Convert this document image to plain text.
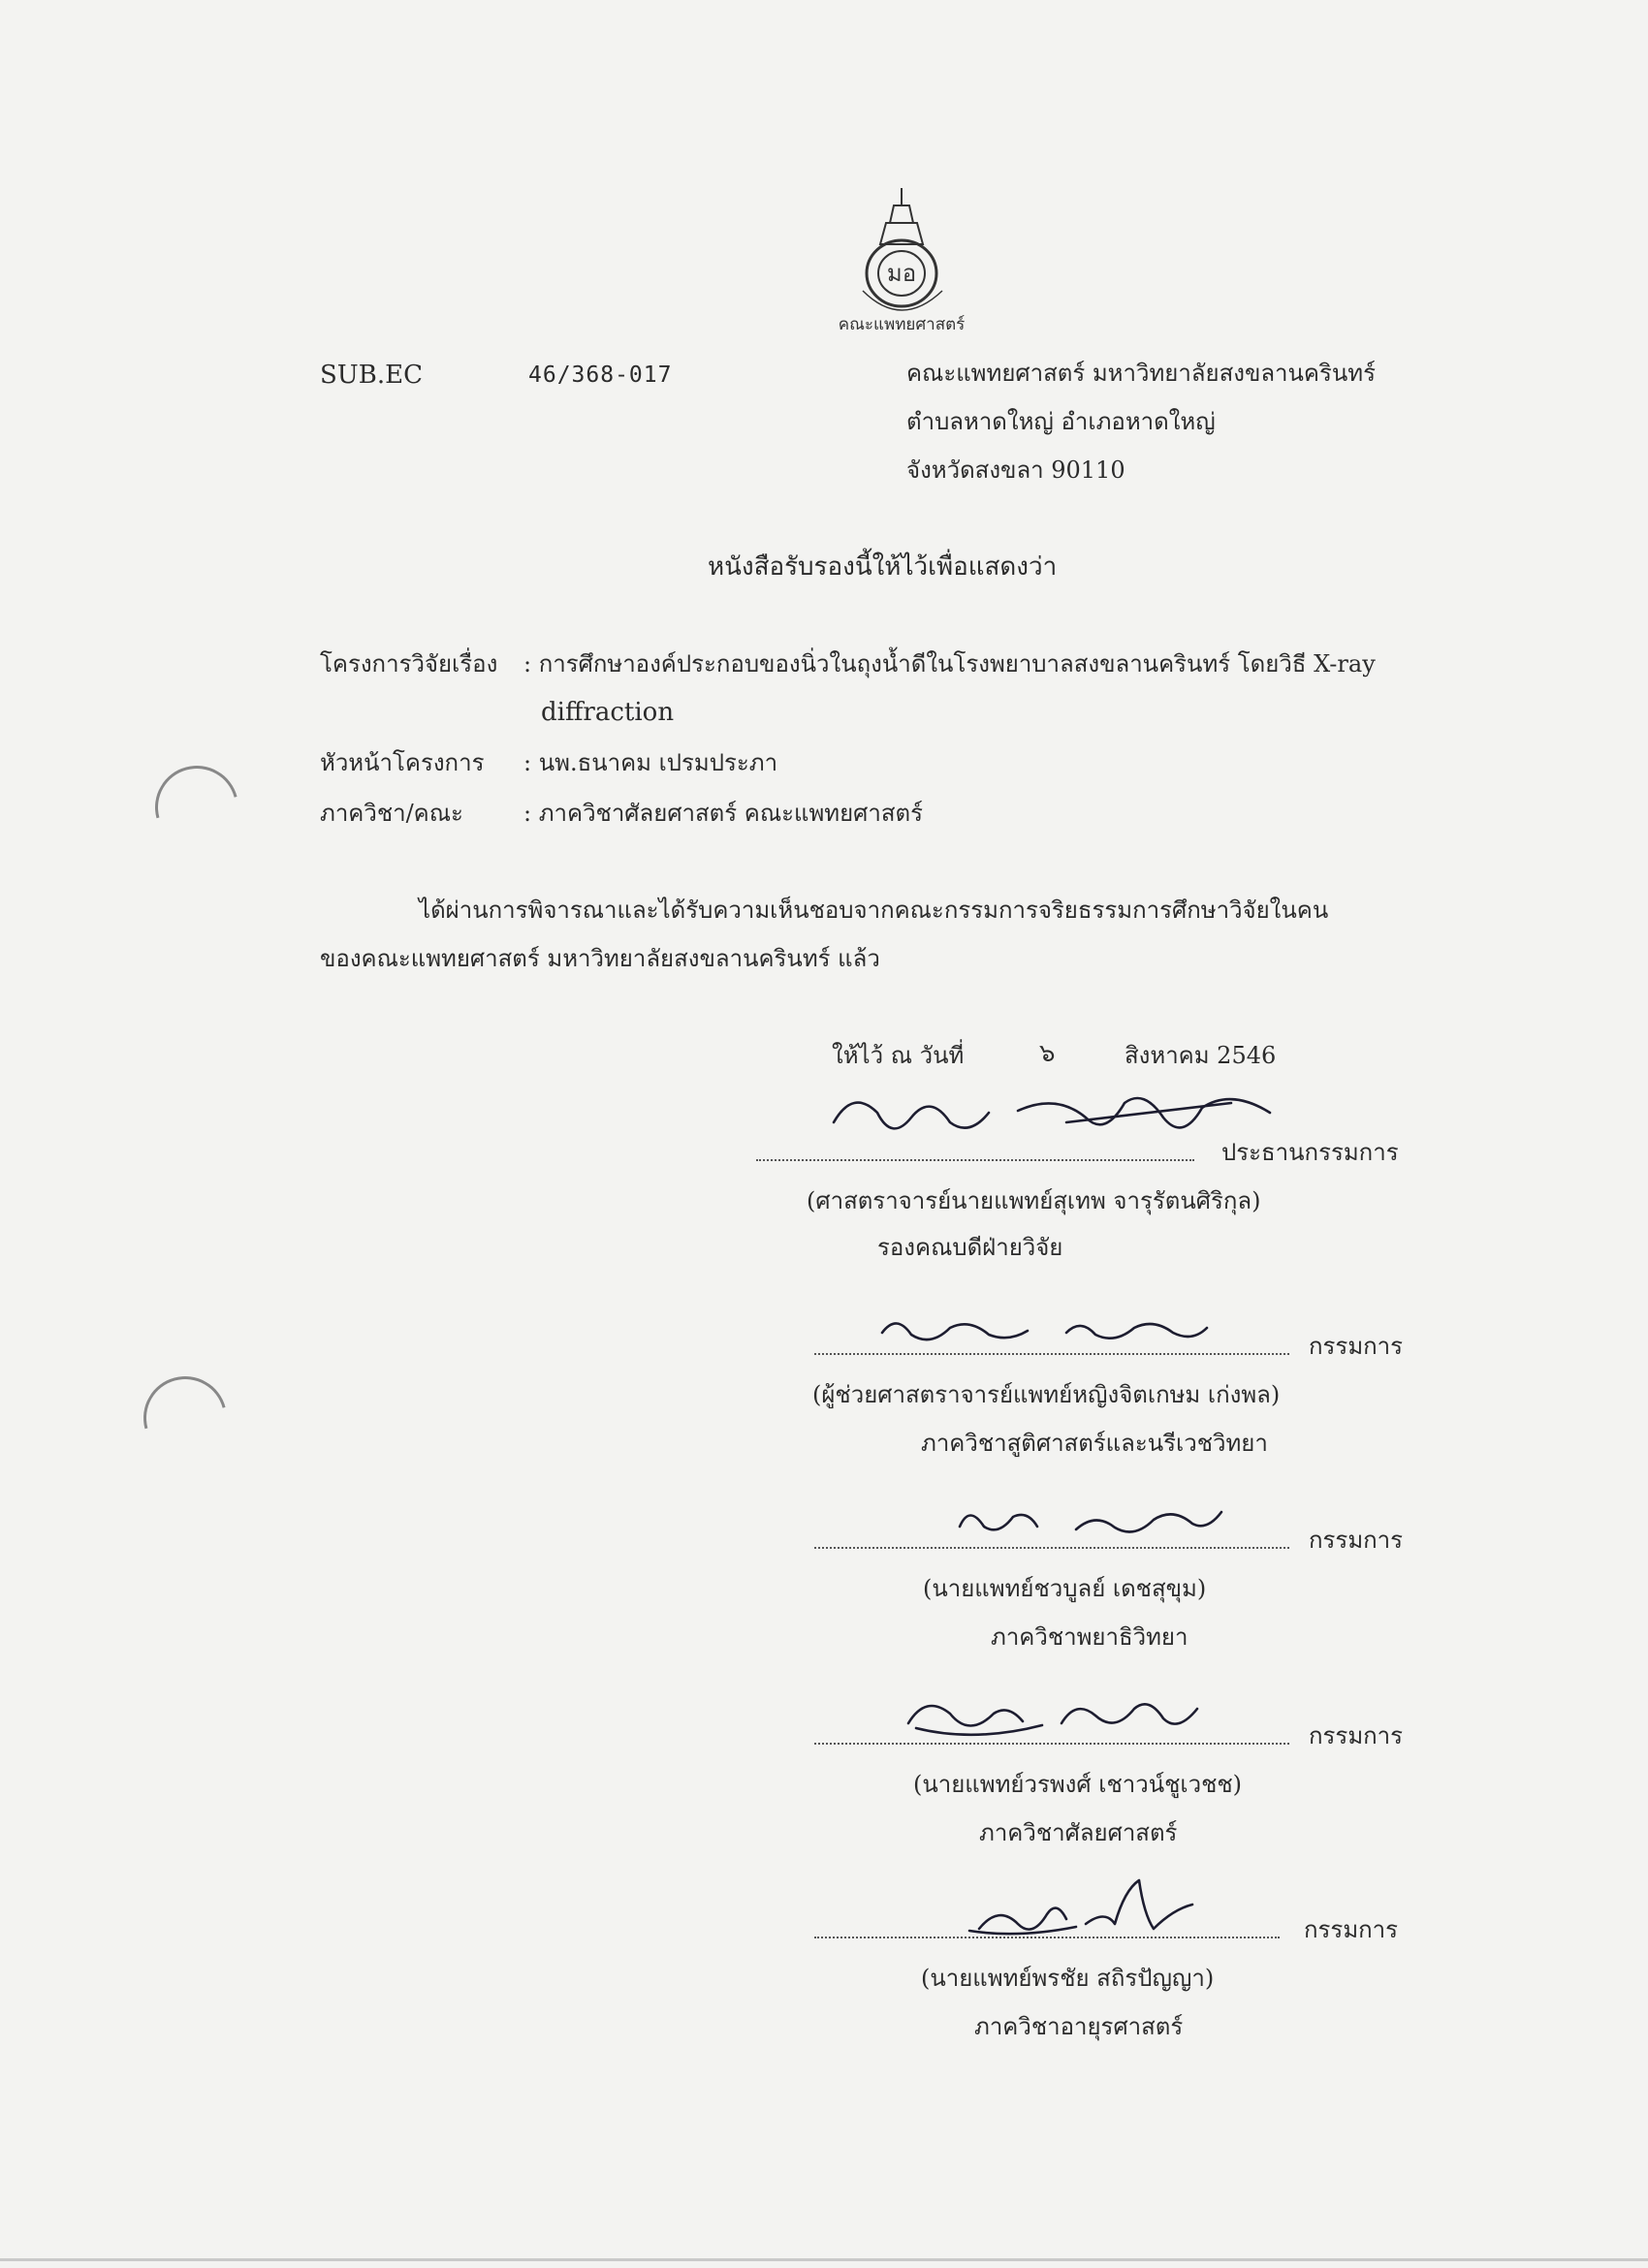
มอ
คณะแพทยศาสตร์
SUB.EC	46/368-017	คณะแพทยศาสตร์ มหาวิทยาลัยสงขลานครินทร์
ตำบลหาดใหญ่ อำเภอหาดใหญ่
จังหวัดสงขลา 90110
หนังสือรับรองนี้ให้ไว้เพื่อแสดงว่า
โครงการวิจัยเรื่อง : การศึกษาองค์ประกอบของนิ่วในถุงน้ำดีในโรงพยาบาลสงขลานครินทร์ โดยวิธี X-ray
diffraction
หัวหน้าโครงการ : นพ.ธนาคม เปรมประภา
ภาควิชา/คณะ	: ภาควิชาศัลยศาสตร์ คณะแพทยศาสตร์
ได้ผ่านการพิจารณาและได้รับความเห็นชอบจากคณะกรรมการจริยธรรมการศึกษาวิจัยในคน
ของคณะแพทยศาสตร์ มหาวิทยาลัยสงขลานครินทร์ แล้ว
ให้ไว้ ณ วันที่	๖	สิงหาคม 2546
ประธานกรรมการ
(ศาสตราจารย์นายแพทย์สุเทพ จารุรัตนศิริกุล)
รองคณบดีฝ่ายวิจัย
กรรมการ
(ผู้ช่วยศาสตราจารย์แพทย์หญิงจิตเกษม เก่งพล)
ภาควิชาสูติศาสตร์และนรีเวชวิทยา
กรรมการ
(นายแพทย์ชวบูลย์ เดชสุขุม)
ภาควิชาพยาธิวิทยา
กรรมการ
(นายแพทย์วรพงศ์ เชาวน์ชูเวชช)
ภาควิชาศัลยศาสตร์
กรรมการ
(นายแพทย์พรชัย สถิรปัญญา)
ภาควิชาอายุรศาสตร์
